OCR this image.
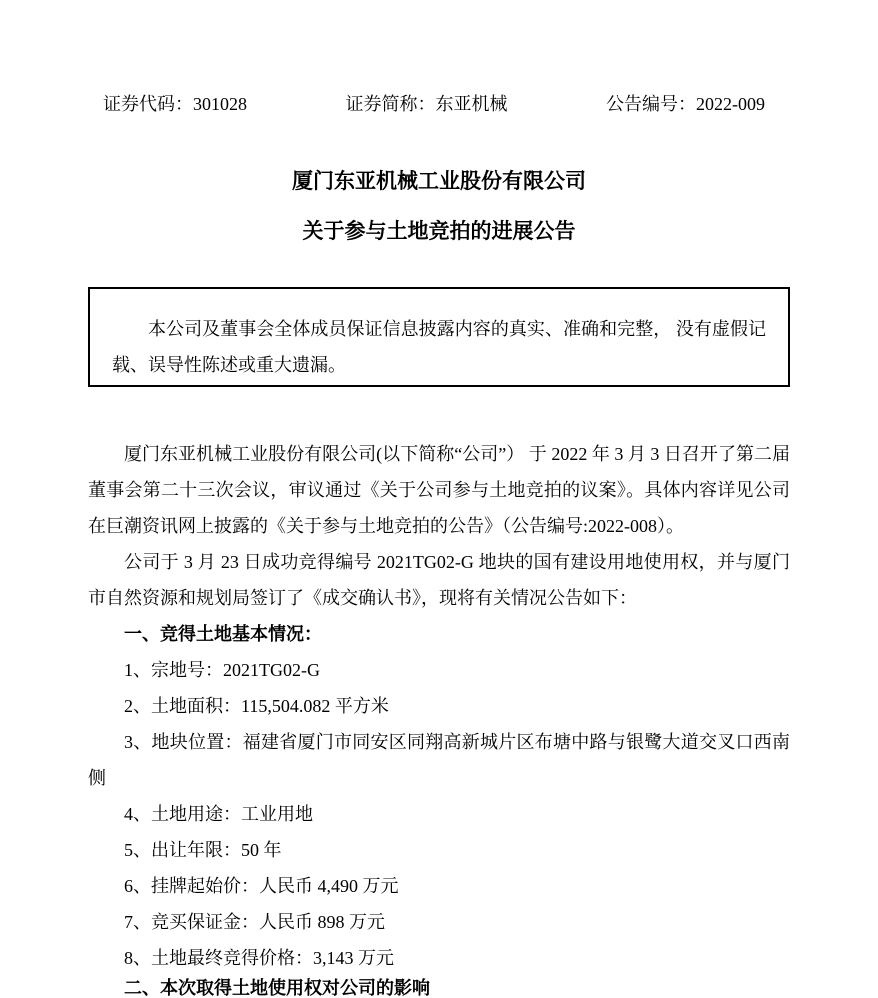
证券代码：301028	证券简称：东亚机械	公告编号：2022-009

厦门东亚机械工业股份有限公司

关于参与土地竞拍的进展公告

本公司及董事会全体成员保证信息披露内容的真实、准确和完整， 没有虚假记载、误导性陈述或重大遗漏。

厦门东亚机械工业股份有限公司(以下简称“公司”） 于 2022 年 3 月 3 日召开了第二届董事会第二十三次会议，审议通过《关于公司参与土地竞拍的议案》。具体内容详见公司在巨潮资讯网上披露的《关于参与土地竞拍的公告》（公告编号:2022-008）。

公司于 3 月 23 日成功竞得编号 2021TG02-G 地块的国有建设用地使用权，并与厦门市自然资源和规划局签订了《成交确认书》，现将有关情况公告如下：

一、竞得土地基本情况：

1、宗地号：2021TG02-G

2、土地面积：115,504.082 平方米

3、地块位置：福建省厦门市同安区同翔高新城片区布塘中路与银鹭大道交叉口西南侧

4、土地用途：工业用地

5、出让年限：50 年

6、挂牌起始价：人民币 4,490 万元

7、竞买保证金：人民币 898 万元

8、土地最终竞得价格：3,143 万元

二、本次取得土地使用权对公司的影响
